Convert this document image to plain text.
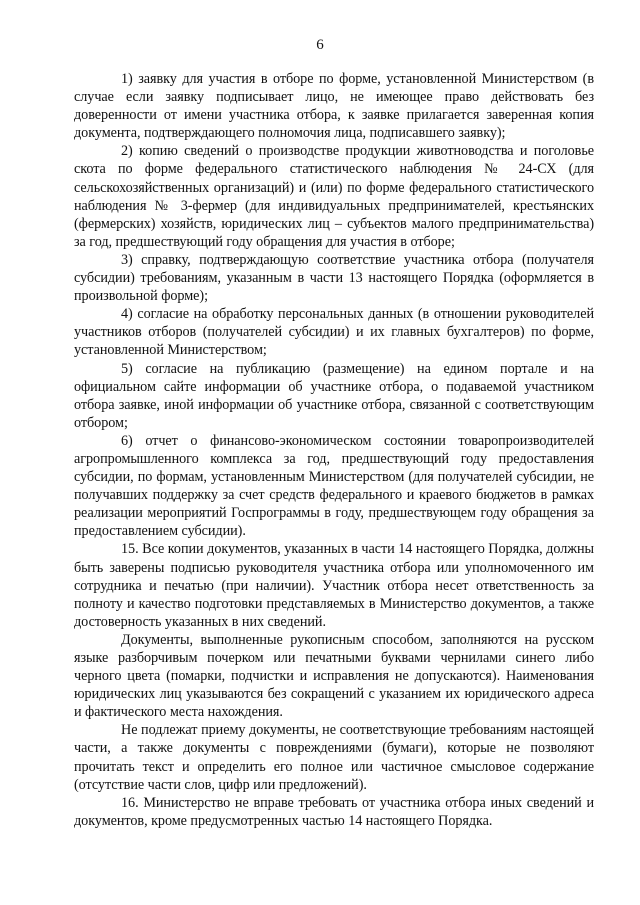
6

1) заявку для участия в отборе по форме, установленной Министерством (в случае если заявку подписывает лицо, не имеющее право действовать без доверенности от имени участника отбора, к заявке прилагается заверенная копия документа, подтверждающего полномочия лица, подписавшего заявку);

2) копию сведений о производстве продукции животноводства и поголовье скота по форме федерального статистического наблюдения № 24-СХ (для сельскохозяйственных организаций) и (или) по форме федерального статистического наблюдения № 3-фермер (для индивидуальных предпринимателей, крестьянских (фермерских) хозяйств, юридических лиц – субъектов малого предпринимательства) за год, предшествующий году обращения для участия в отборе;

3) справку, подтверждающую соответствие участника отбора (получателя субсидии) требованиям, указанным в части 13 настоящего Порядка (оформляется в произвольной форме);

4) согласие на обработку персональных данных (в отношении руководителей участников отборов (получателей субсидии) и их главных бухгалтеров) по форме, установленной Министерством;

5) согласие на публикацию (размещение) на едином портале и на официальном сайте информации об участнике отбора, о подаваемой участником отбора заявке, иной информации об участнике отбора, связанной с соответствующим отбором;

6) отчет о финансово-экономическом состоянии товаропроизводителей агропромышленного комплекса за год, предшествующий году предоставления субсидии, по формам, установленным Министерством (для получателей субсидии, не получавших поддержку за счет средств федерального и краевого бюджетов в рамках реализации мероприятий Госпрограммы в году, предшествующем году обращения за предоставлением субсидии).

15. Все копии документов, указанных в части 14 настоящего Порядка, должны быть заверены подписью руководителя участника отбора или уполномоченного им сотрудника и печатью (при наличии). Участник отбора несет ответственность за полноту и качество подготовки представляемых в Министерство документов, а также достоверность указанных в них сведений.

Документы, выполненные рукописным способом, заполняются на русском языке разборчивым почерком или печатными буквами чернилами синего либо черного цвета (помарки, подчистки и исправления не допускаются). Наименования юридических лиц указываются без сокращений с указанием их юридического адреса и фактического места нахождения.

Не подлежат приему документы, не соответствующие требованиям настоящей части, а также документы с повреждениями (бумаги), которые не позволяют прочитать текст и определить его полное или частичное смысловое содержание (отсутствие части слов, цифр или предложений).

16. Министерство не вправе требовать от участника отбора иных сведений и документов, кроме предусмотренных частью 14 настоящего Порядка.
